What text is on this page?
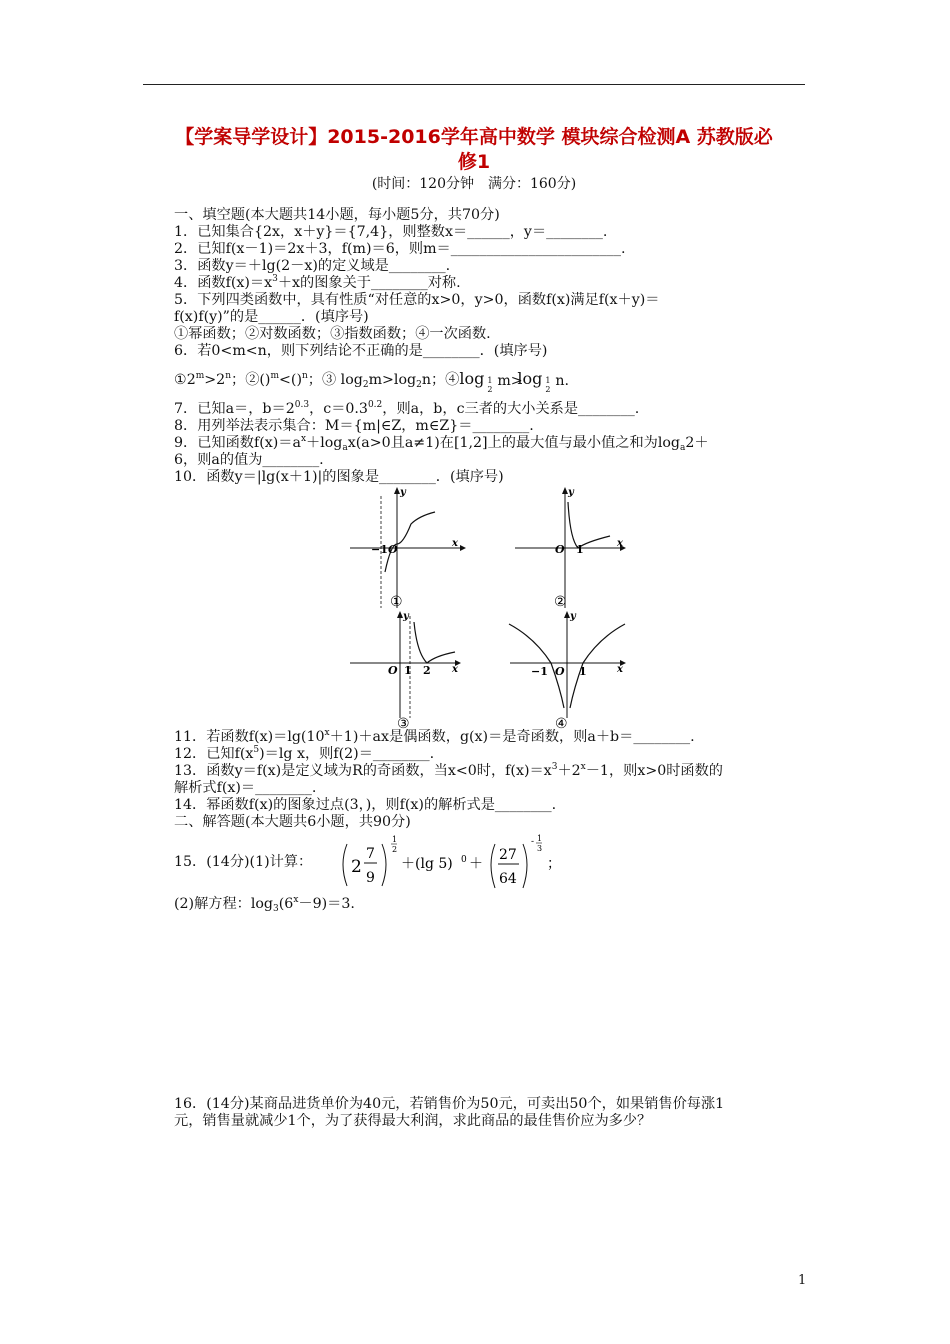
【学案导学设计】2015-2016学年高中数学 模块综合检测A 苏教版必
修1
(时间：120分钟　满分：160分)
一、填空题(本大题共14小题，每小题5分，共70分)
1．已知集合{2x，x＋y}＝{7,4}，则整数x＝______，y＝________.
2．已知f(x－1)＝2x＋3，f(m)＝6，则m＝________________________.
3．函数y＝＋lg(2－x)的定义域是________.
4．函数$f(x)=x^3+x$的图象关于________对称.
5．下列四类函数中，具有性质“对任意的x>0，y>0，函数f(x)满足f(x＋y)＝
f(x)f(y)”的是______．(填序号)
①幂函数；②对数函数；③指数函数；④一次函数.
6．若0<m<n，则下列结论不正确的是________．(填序号)
$①2^m>2^n$；②()$^m$<()$^n$；③ $\log_2m>\log_2n$；④log 1
2
m>
log 1
2
n.
7．已知a＝，$b=2^{0.3}$，$c=0.3^{0.2}$，则a，b，c三者的大小关系是________.
8．用列举法表示集合：M＝{m|∈Z，m∈Z}＝________.
9．已知函数$f(x)=a^x+\log_ax(a>0$且a≠1)在[1,2]上的最大值与最小值之和为$\log_a2+$
6，则a的值为________.
10．函数y＝|lg(x＋1)|的图象是________．(填序号)
−1 O	x
y
①
O 1	x
y
②
O 1 2 x
y
③
−1 O 1	x
y
④
11．若函数$f(x)=\lg(10^x+1)+ax$是偶函数，g(x)＝是奇函数，则a＋b＝________.
12．已知$f(x^5)=\lg$ x，则f(2)＝________.
13．函数y＝f(x)是定义域为R的奇函数，当x<0时，$f(x)=x^3+2^x-1$，则x>0时函数的
解析式f(x)＝________.
14．幂函数f(x)的图象过点(3，)，则f(x)的解析式是________.
二、解答题(本大题共6小题，共90分)
15．(14分)(1)计算： 2
7
9
1
2
＋(lg 5) 0 ＋
27
64
- 1
3
；
(2)解方程：$\log_3(6^x-9)=3$.
16．(14分)某商品进货单价为40元，若销售价为50元，可卖出50个，如果销售价每涨1
元，销售量就减少1个，为了获得最大利润，求此商品的最佳售价应为多少？
1
